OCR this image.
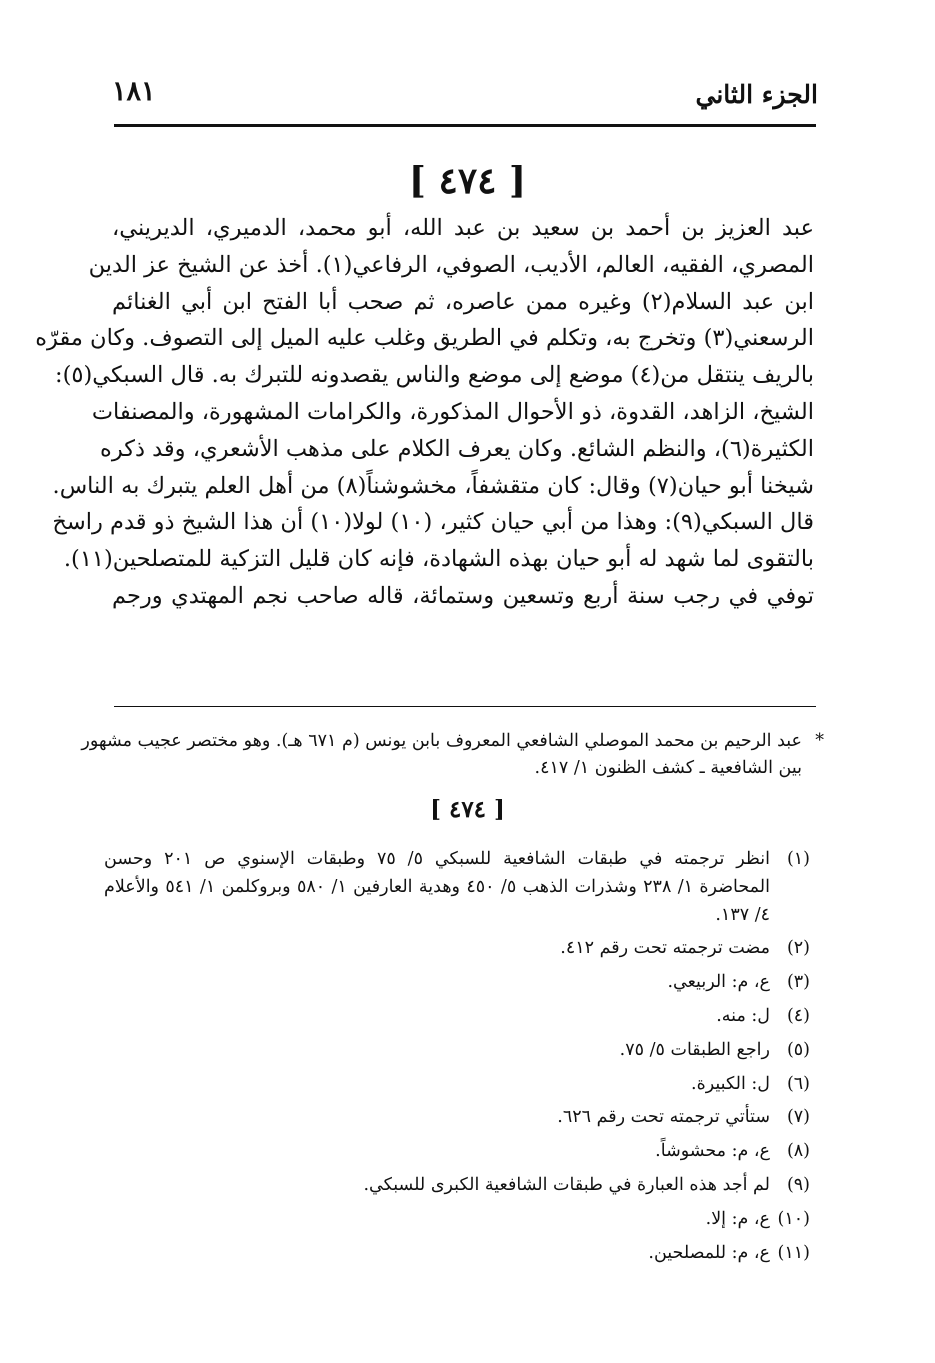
الجزء الثاني
١٨١
[ ٤٧٤ ]
عبد العزيز بن أحمد بن سعيد بن عبد الله، أبو محمد، الدميري، الديريني،
المصري، الفقيه، العالم، الأديب، الصوفي، الرفاعي(١). أخذ عن الشيخ عز الدين
ابن عبد السلام(٢) وغيره ممن عاصره، ثم صحب أبا الفتح ابن أبي الغنائم
الرسعني(٣) وتخرج به، وتكلم في الطريق وغلب عليه الميل إلى التصوف. وكان مقرّه
بالريف ينتقل من(٤) موضع إلى موضع والناس يقصدونه للتبرك به. قال السبكي(٥):
الشيخ، الزاهد، القدوة، ذو الأحوال المذكورة، والكرامات المشهورة، والمصنفات
الكثيرة(٦)، والنظم الشائع. وكان يعرف الكلام على مذهب الأشعري، وقد ذكره
شيخنا أبو حيان(٧) وقال: كان متقشفاً، مخشوشناً(٨) من أهل العلم يتبرك به الناس.
قال السبكي(٩): وهذا من أبي حيان كثير، (١٠) لولا(١٠) أن هذا الشيخ ذو قدم راسخ
بالتقوى لما شهد له أبو حيان بهذه الشهادة، فإنه كان قليل التزكية للمتصلحين(١١).
توفي في رجب سنة أربع وتسعين وستمائة، قاله صاحب نجم المهتدي ورجم
*
عبد الرحيم بن محمد الموصلي الشافعي المعروف بابن يونس (م ٦٧١ هـ). وهو مختصر عجيب مشهور
بين الشافعية ـ كشف الظنون ١/ ٤١٧.
[ ٤٧٤ ]
(١)
انظر ترجمته في طبقات الشافعية للسبكي ٥/ ٧٥ وطبقات الإسنوي ص ٢٠١ وحسن
المحاضرة ١/ ٢٣٨ وشذرات الذهب ٥/ ٤٥٠ وهدية العارفين ١/ ٥٨٠ وبروكلمن ١/ ٥٤١ والأعلام
٤/ ١٣٧.
(٢)
مضت ترجمته تحت رقم ٤١٢.
(٣)
ع، م: الربيعي.
(٤)
ل: منه.
(٥)
راجع الطبقات ٥/ ٧٥.
(٦)
ل: الكبيرة.
(٧)
ستأتي ترجمته تحت رقم ٦٢٦.
(٨)
ع، م: محشوشاً.
(٩)
لم أجد هذه العبارة في طبقات الشافعية الكبرى للسبكي.
(١٠)
ع، م: إلا.
(١١)
ع، م: للمصلحين.
